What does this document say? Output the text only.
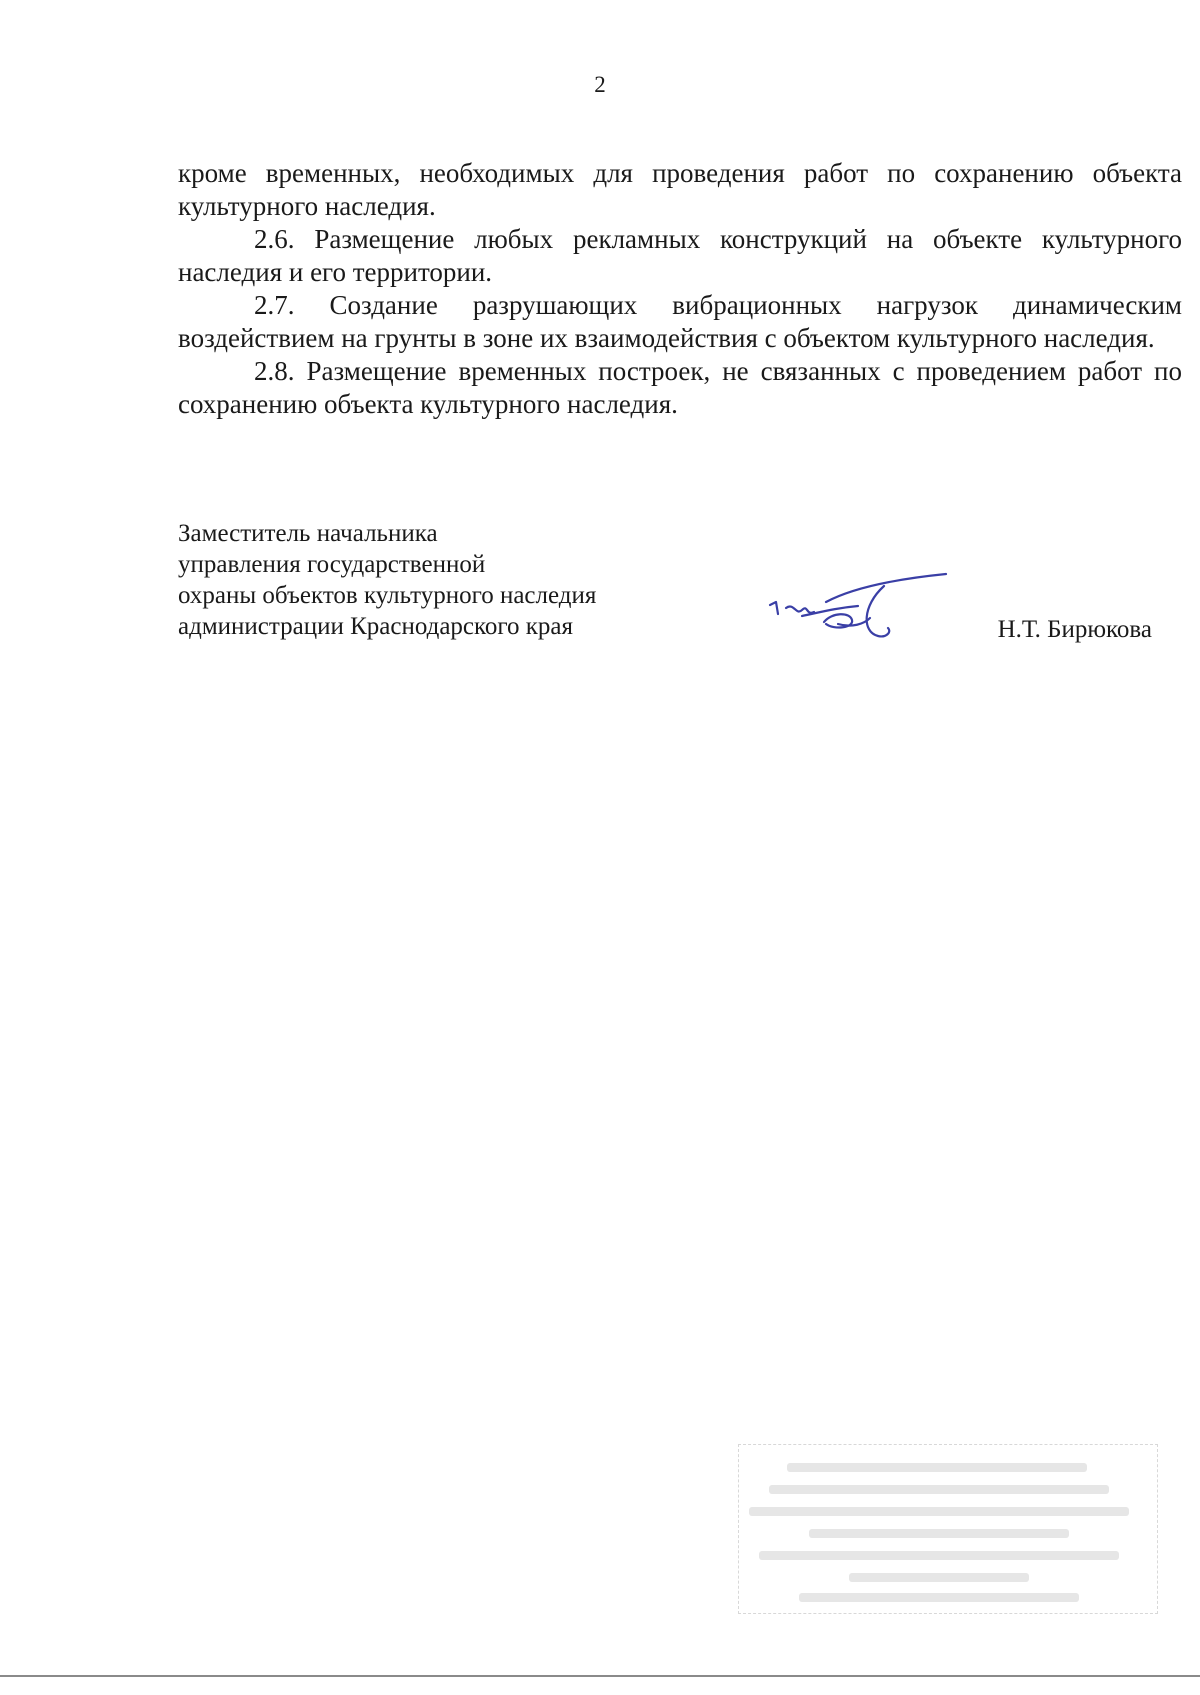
2

кроме временных, необходимых для проведения работ по сохранению объекта культурного наследия.

2.6. Размещение любых рекламных конструкций на объекте культурного наследия и его территории.

2.7. Создание разрушающих вибрационных нагрузок динамическим воздействием на грунты в зоне их взаимодействия с объектом культурного наследия.

2.8. Размещение временных построек, не связанных с проведением работ по сохранению объекта культурного наследия.

Заместитель начальника
управления государственной
охраны объектов культурного наследия
администрации Краснодарского края	Н.Т. Бирюкова
